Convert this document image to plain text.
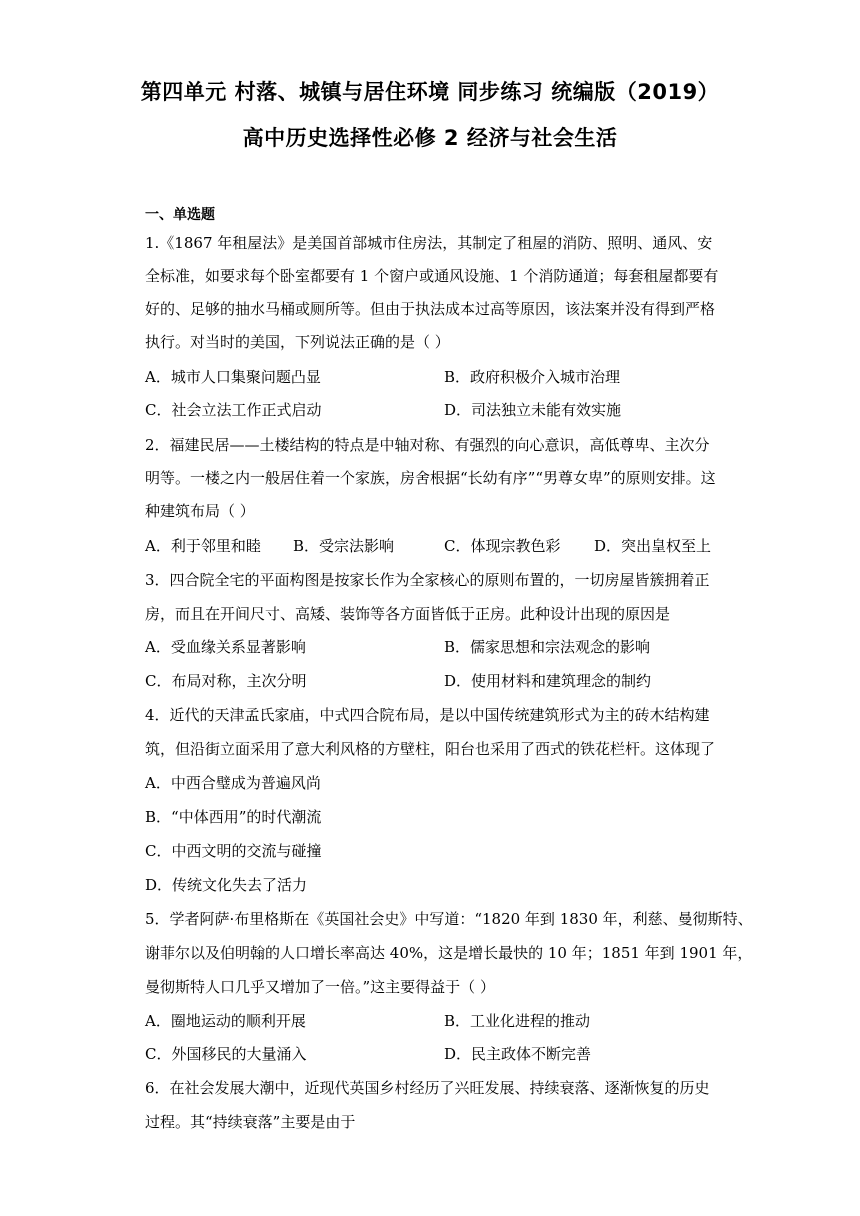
第四单元 村落、城镇与居住环境 同步练习 统编版（2019）
高中历史选择性必修 2 经济与社会生活
一、单选题
1.《1867 年租屋法》是美国首部城市住房法，其制定了租屋的消防、照明、通风、安
全标准，如要求每个卧室都要有 1 个窗户或通风设施、1 个消防通道；每套租屋都要有
好的、足够的抽水马桶或厕所等。但由于执法成本过高等原因，该法案并没有得到严格
执行。对当时的美国，下列说法正确的是（ ）
A．城市人口集聚问题凸显	B．政府积极介入城市治理
C．社会立法工作正式启动	D．司法独立未能有效实施
2．福建民居——土楼结构的特点是中轴对称、有强烈的向心意识，高低尊卑、主次分
明等。一楼之内一般居住着一个家族，房舍根据“长幼有序”“男尊女卑”的原则安排。这
种建筑布局（ ）
A．利于邻里和睦 B．受宗法影响	C．体现宗教色彩 D．突出皇权至上
3．四合院全宅的平面构图是按家长作为全家核心的原则布置的，一切房屋皆簇拥着正
房，而且在开间尺寸、高矮、装饰等各方面皆低于正房。此种设计出现的原因是
A．受血缘关系显著影响	B．儒家思想和宗法观念的影响
C．布局对称，主次分明	D．使用材料和建筑理念的制约
4．近代的天津孟氏家庙，中式四合院布局，是以中国传统建筑形式为主的砖木结构建
筑，但沿街立面采用了意大利风格的方壁柱，阳台也采用了西式的铁花栏杆。这体现了
A．中西合璧成为普遍风尚
B．“中体西用”的时代潮流
C．中西文明的交流与碰撞
D．传统文化失去了活力
5．学者阿萨·布里格斯在《英国社会史》中写道：“1820 年到 1830 年，利慈、曼彻斯特、
谢菲尔以及伯明翰的人口增长率高达 40%，这是增长最快的 10 年；1851 年到 1901 年，
曼彻斯特人口几乎又增加了一倍。”这主要得益于（ ）
A．圈地运动的顺利开展	B．工业化进程的推动
C．外国移民的大量涌入	D．民主政体不断完善
6．在社会发展大潮中，近现代英国乡村经历了兴旺发展、持续衰落、逐渐恢复的历史
过程。其“持续衰落”主要是由于
